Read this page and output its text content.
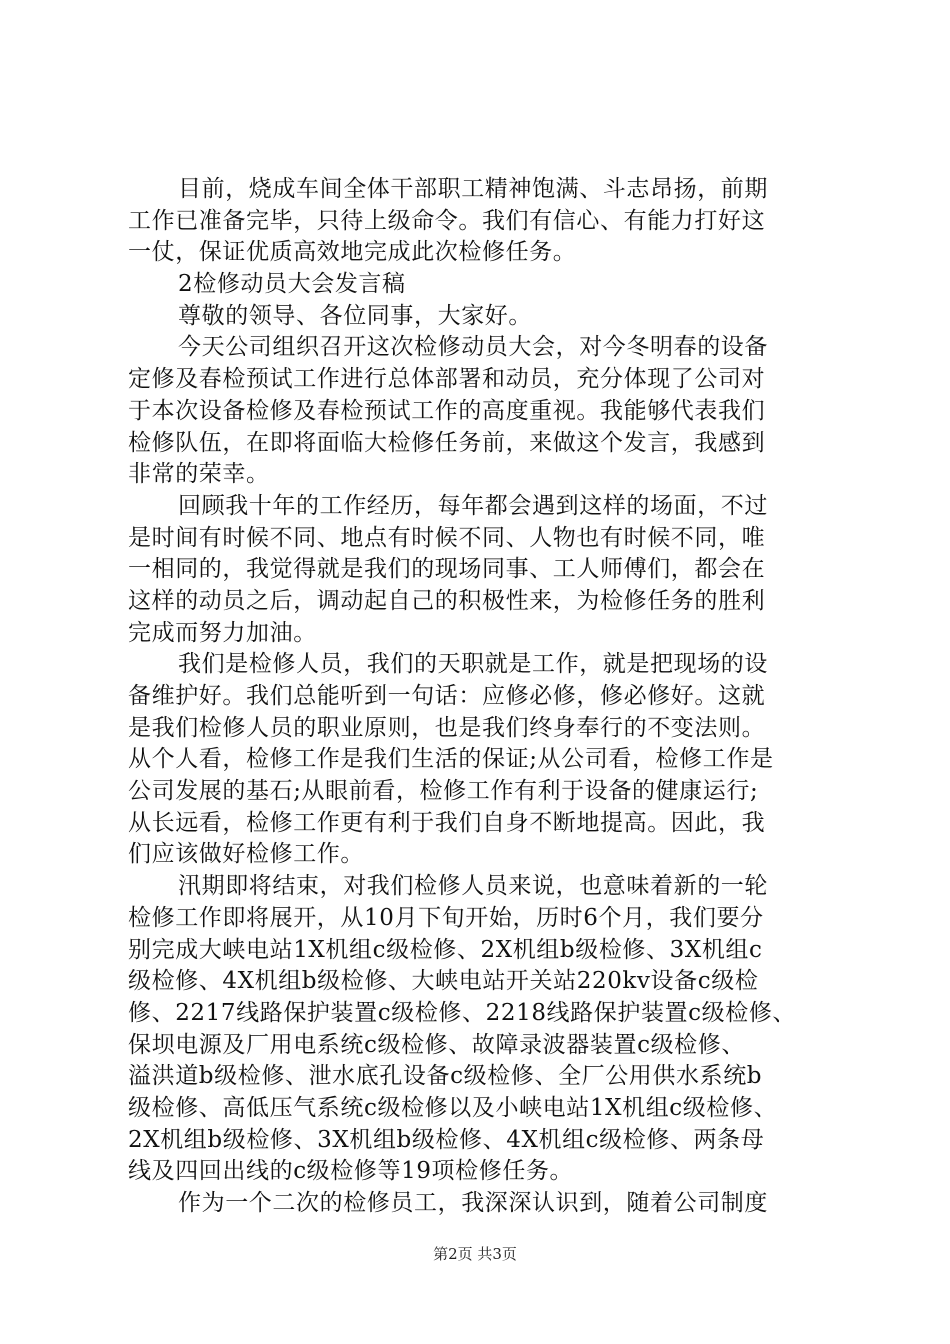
目前，烧成车间全体干部职工精神饱满、斗志昂扬，前期
工作已准备完毕，只待上级命令。我们有信心、有能力打好这
一仗，保证优质高效地完成此次检修任务。
2检修动员大会发言稿
尊敬的领导、各位同事，大家好。
今天公司组织召开这次检修动员大会，对今冬明春的设备
定修及春检预试工作进行总体部署和动员，充分体现了公司对
于本次设备检修及春检预试工作的高度重视。我能够代表我们
检修队伍，在即将面临大检修任务前，来做这个发言，我感到
非常的荣幸。
回顾我十年的工作经历，每年都会遇到这样的场面，不过
是时间有时候不同、地点有时候不同、人物也有时候不同，唯
一相同的，我觉得就是我们的现场同事、工人师傅们，都会在
这样的动员之后，调动起自己的积极性来，为检修任务的胜利
完成而努力加油。
我们是检修人员，我们的天职就是工作，就是把现场的设
备维护好。我们总能听到一句话：应修必修，修必修好。这就
是我们检修人员的职业原则，也是我们终身奉行的不变法则。
从个人看，检修工作是我们生活的保证;从公司看，检修工作是
公司发展的基石;从眼前看，检修工作有利于设备的健康运行;
从长远看，检修工作更有利于我们自身不断地提高。因此，我
们应该做好检修工作。
汛期即将结束，对我们检修人员来说，也意味着新的一轮
检修工作即将展开，从10月下旬开始，历时6个月，我们要分
别完成大峡电站1X机组c级检修、2X机组b级检修、3X机组c
级检修、4X机组b级检修、大峡电站开关站220kv设备c级检
修、2217线路保护装置c级检修、2218线路保护装置c级检修、
保坝电源及厂用电系统c级检修、故障录波器装置c级检修、
溢洪道b级检修、泄水底孔设备c级检修、全厂公用供水系统b
级检修、高低压气系统c级检修以及小峡电站1X机组c级检修、
2X机组b级检修、3X机组b级检修、4X机组c级检修、两条母
线及四回出线的c级检修等19项检修任务。
作为一个二次的检修员工，我深深认识到，随着公司制度
第2页 共3页
